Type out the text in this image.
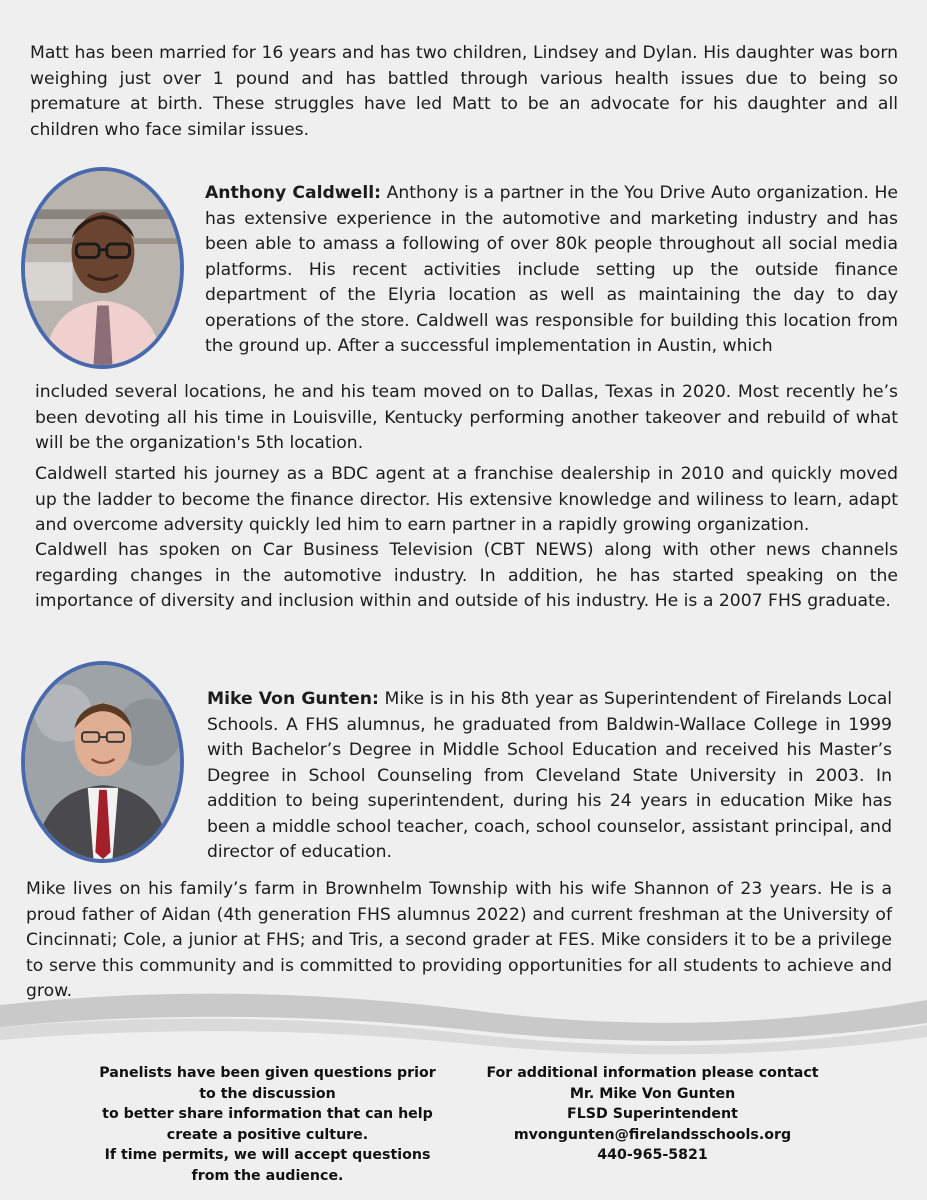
Matt has been married for 16 years and has two children, Lindsey and Dylan. His daughter was born weighing just over 1 pound and has battled through various health issues due to being so premature at birth. These struggles have led Matt to be an advocate for his daughter and all children who face similar issues.

Anthony Caldwell: Anthony is a partner in the You Drive Auto organization. He has extensive experience in the automotive and marketing industry and has been able to amass a following of over 80k people throughout all social media platforms. His recent activities include setting up the outside finance department of the Elyria location as well as maintaining the day to day operations of the store. Caldwell was responsible for building this location from the ground up. After a successful implementation in Austin, which

included several locations, he and his team moved on to Dallas, Texas in 2020. Most recently he’s been devoting all his time in Louisville, Kentucky performing another takeover and rebuild of what will be the organization's 5th location.

Caldwell started his journey as a BDC agent at a franchise dealership in 2010 and quickly moved up the ladder to become the finance director. His extensive knowledge and wiliness to learn, adapt and overcome adversity quickly led him to earn partner in a rapidly growing organization.

Caldwell has spoken on Car Business Television (CBT NEWS) along with other news channels regarding changes in the automotive industry. In addition, he has started speaking on the importance of diversity and inclusion within and outside of his industry. He is a 2007 FHS graduate.

Mike Von Gunten: Mike is in his 8th year as Superintendent of Firelands Local Schools. A FHS alumnus, he graduated from Baldwin-Wallace College in 1999 with Bachelor’s Degree in Middle School Education and received his Master’s Degree in School Counseling from Cleveland State University in 2003. In addition to being superintendent, during his 24 years in education Mike has been a middle school teacher, coach, school counselor, assistant principal, and director of education.

Mike lives on his family’s farm in Brownhelm Township with his wife Shannon of 23 years. He is a proud father of Aidan (4th generation FHS alumnus 2022) and current freshman at the University of Cincinnati; Cole, a junior at FHS; and Tris, a second grader at FES. Mike considers it to be a privilege to serve this community and is committed to providing opportunities for all students to achieve and grow.

Panelists have been given questions prior
to the discussion
to better share information that can help
create a positive culture.
If time permits, we will accept questions
from the audience.
For additional information please contact
Mr. Mike Von Gunten
FLSD Superintendent
mvongunten@firelandsschools.org
440-965-5821
